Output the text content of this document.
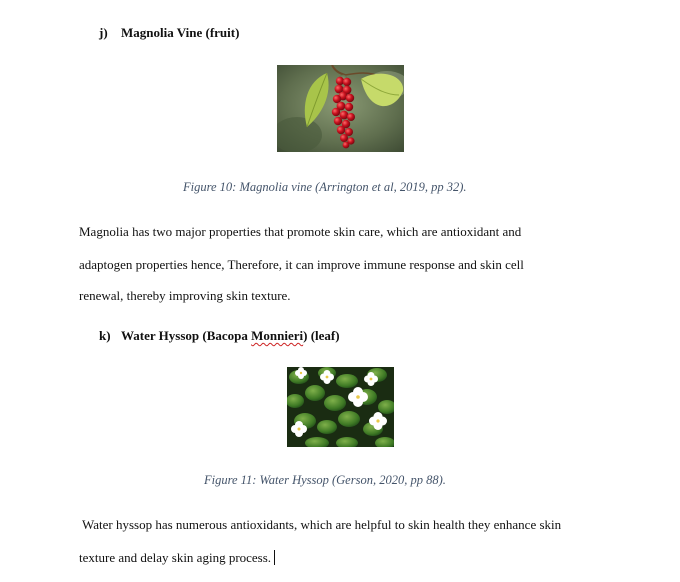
j) Magnolia Vine (fruit)
Figure 10: Magnolia vine (Arrington et al, 2019, pp 32).
Magnolia has two major properties that promote skin care, which are antioxidant and
adaptogen properties hence, Therefore, it can improve immune response and skin cell
renewal, thereby improving skin texture.
k) Water Hyssop (Bacopa Monnieri) (leaf)
Figure 11: Water Hyssop (Gerson, 2020, pp 88).
Water hyssop has numerous antioxidants, which are helpful to skin health they enhance skin
texture and delay skin aging process.
